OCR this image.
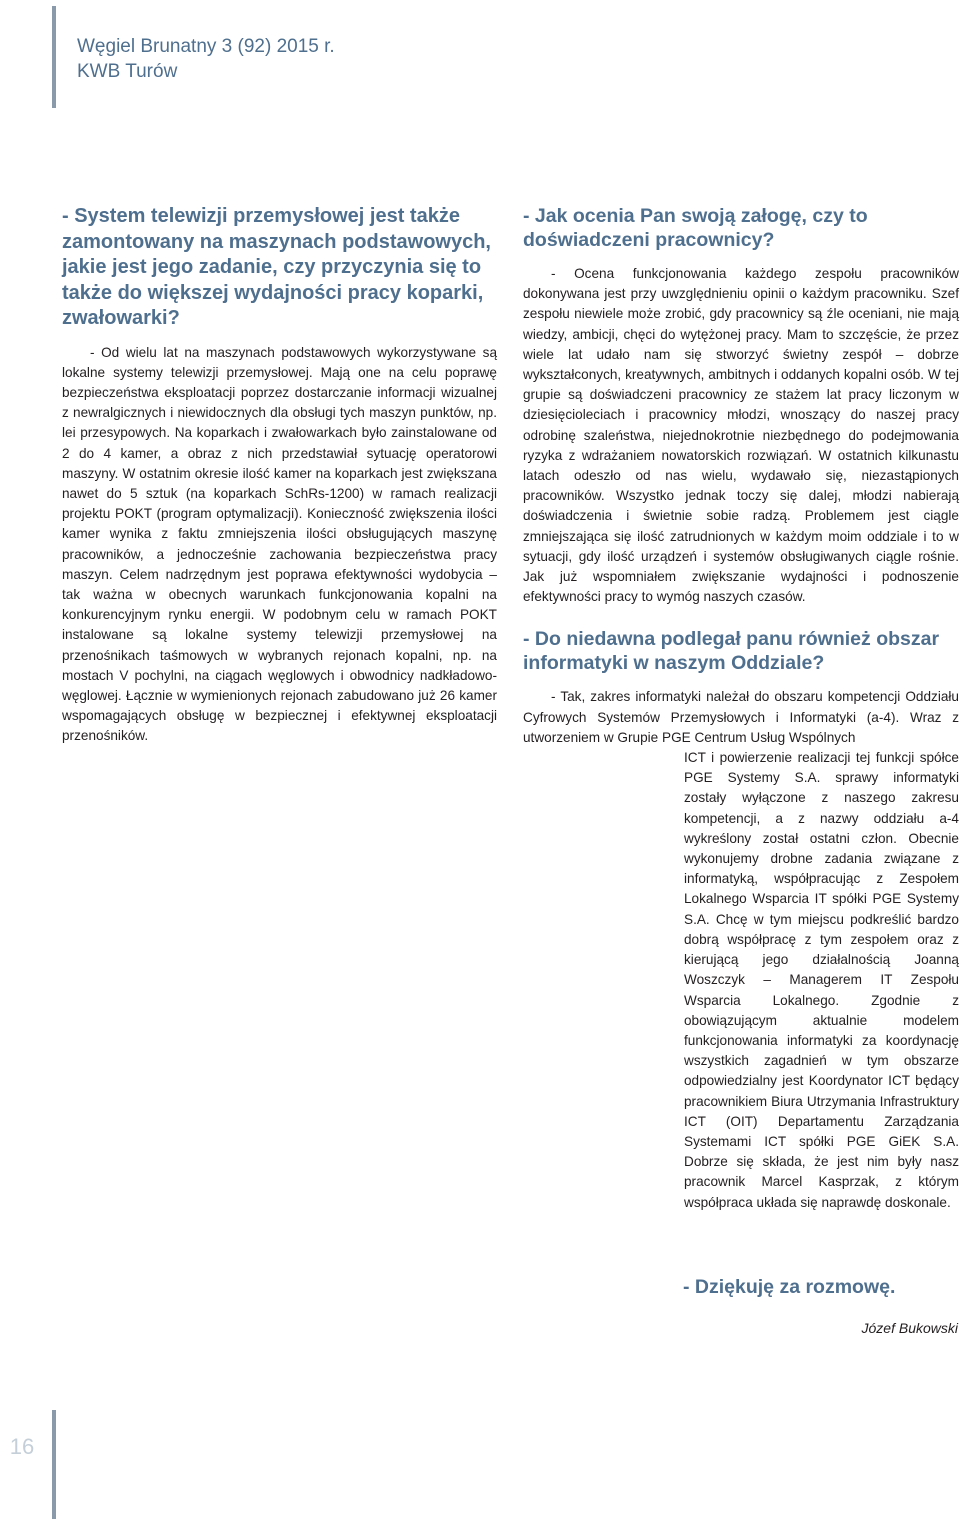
Węgiel Brunatny 3 (92) 2015 r.
KWB Turów
- System telewizji przemysłowej jest także zamontowany na maszynach podstawowych, jakie jest jego zadanie, czy przyczynia się to także do większej wydajności pracy koparki, zwałowarki?

- Od wielu lat na maszynach podstawowych wykorzystywane są lokalne systemy telewizji przemysłowej. Mają one na celu poprawę bezpieczeństwa eksploatacji poprzez dostarczanie informacji wizualnej z newralgicznych i niewidocznych dla obsługi tych maszyn punktów, np. lei przesypowych. Na koparkach i zwałowarkach było zainstalowane od 2 do 4 kamer, a obraz z nich przedstawiał sytuację operatorowi maszyny. W ostatnim okresie ilość kamer na koparkach jest zwiększana nawet do 5 sztuk (na koparkach SchRs-1200) w ramach realizacji projektu POKT (program optymalizacji). Konieczność zwiększenia ilości kamer wynika z faktu zmniejszenia ilości obsługujących maszynę pracowników, a jednocześnie zachowania bezpieczeństwa pracy maszyn. Celem nadrzędnym jest poprawa efektywności wydobycia – tak ważna w obecnych warunkach funkcjonowania kopalni na konkurencyjnym rynku energii. W podobnym celu w ramach POKT instalowane są lokalne systemy telewizji przemysłowej na przenośnikach taśmowych w wybranych rejonach kopalni, np. na mostach V pochylni, na ciągach węglowych i obwodnicy nadkładowo-węglowej. Łącznie w wymienionych rejonach zabudowano już 26 kamer wspomagających obsługę w bezpiecznej i efektywnej eksploatacji przenośników.

- Jak ocenia Pan swoją załogę, czy to doświadczeni pracownicy?

- Ocena funkcjonowania każdego zespołu pracowników dokonywana jest przy uwzględnieniu opinii o każdym pracowniku. Szef zespołu niewiele może zrobić, gdy pracownicy są źle oceniani, nie mają wiedzy, ambicji, chęci do wytężonej pracy. Mam to szczęście, że przez wiele lat udało nam się stworzyć świetny zespół – dobrze wykształconych, kreatywnych, ambitnych i oddanych kopalni osób. W tej grupie są doświadczeni pracownicy ze stażem lat pracy liczonym w dziesięcioleciach i pracownicy młodzi, wnoszący do naszej pracy odrobinę szaleństwa, niejednokrotnie niezbędnego do podejmowania ryzyka z wdrażaniem nowatorskich rozwiązań. W ostatnich kilkunastu latach odeszło od nas wielu, wydawało się, niezastąpionych pracowników. Wszystko jednak toczy się dalej, młodzi nabierają doświadczenia i świetnie sobie radzą. Problemem jest ciągle zmniejszająca się ilość zatrudnionych w każdym moim oddziale i to w sytuacji, gdy ilość urządzeń i systemów obsługiwanych ciągle rośnie. Jak już wspomniałem zwiększanie wydajności i podnoszenie efektywności pracy to wymóg naszych czasów.

- Do niedawna podlegał panu również obszar informatyki w naszym Oddziale?

- Tak, zakres informatyki należał do obszaru kompetencji Oddziału Cyfrowych Systemów Przemysłowych i Informatyki (a-4). Wraz z utworzeniem w Grupie PGE Centrum Usług Wspólnych

ICT i powierzenie realizacji tej funkcji spółce PGE Systemy S.A. sprawy informatyki zostały wyłączone z naszego zakresu kompetencji, a z nazwy oddziału a-4 wykreślony został ostatni człon. Obecnie wykonujemy drobne zadania związane z informatyką, współpracując z Zespołem Lokalnego Wsparcia IT spółki PGE Systemy S.A. Chcę w tym miejscu podkreślić bardzo dobrą współpracę z tym zespołem oraz z kierującą jego działalnością Joanną Woszczyk – Managerem IT Zespołu Wsparcia Lokalnego. Zgodnie z obowiązującym aktualnie modelem funkcjonowania informatyki za koordynację wszystkich zagadnień w tym obszarze odpowiedzialny jest Koordynator ICT będący pracownikiem Biura Utrzymania Infrastruktury ICT (OIT) Departamentu Zarządzania Systemami ICT spółki PGE GiEK S.A. Dobrze się składa, że jest nim były nasz pracownik Marcel Kasprzak, z którym współpraca układa się naprawdę doskonale.

- Dziękuję za rozmowę.
Józef Bukowski
16
